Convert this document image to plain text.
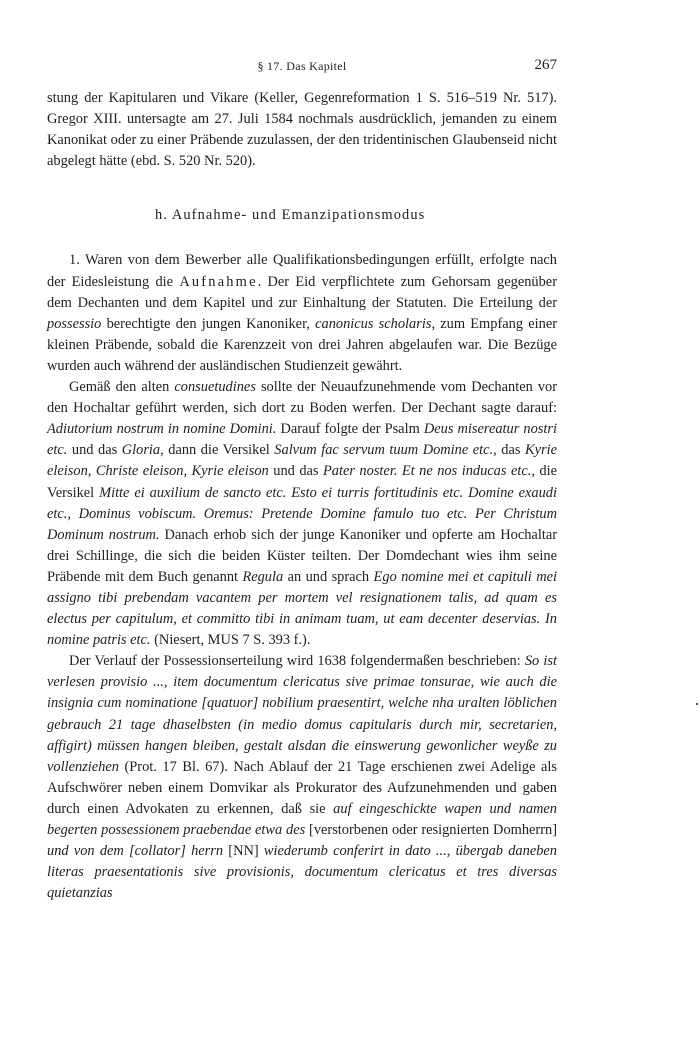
§ 17. Das Kapitel	267

stung der Kapitularen und Vikare (Keller, Gegenreformation 1 S. 516–519 Nr. 517). Gregor XIII. untersagte am 27. Juli 1584 nochmals ausdrücklich, jemanden zu einem Kanonikat oder zu einer Präbende zuzulassen, der den tridentinischen Glaubenseid nicht abgelegt hätte (ebd. S. 520 Nr. 520).

h. Aufnahme- und Emanzipationsmodus

1. Waren von dem Bewerber alle Qualifikationsbedingungen erfüllt, erfolgte nach der Eidesleistung die Aufnahme. Der Eid verpflichtete zum Gehorsam gegenüber dem Dechanten und dem Kapitel und zur Einhaltung der Statuten. Die Erteilung der possessio berechtigte den jungen Kanoniker, canonicus scholaris, zum Empfang einer kleinen Präbende, sobald die Karenzzeit von drei Jahren abgelaufen war. Die Bezüge wurden auch während der ausländischen Studienzeit gewährt.

Gemäß den alten consuetudines sollte der Neuaufzunehmende vom Dechanten vor den Hochaltar geführt werden, sich dort zu Boden werfen. Der Dechant sagte darauf: Adiutorium nostrum in nomine Domini. Darauf folgte der Psalm Deus misereatur nostri etc. und das Gloria, dann die Versikel Salvum fac servum tuum Domine etc., das Kyrie eleison, Christe eleison, Kyrie eleison und das Pater noster. Et ne nos inducas etc., die Versikel Mitte ei auxilium de sancto etc. Esto ei turris fortitudinis etc. Domine exaudi etc., Dominus vobiscum. Oremus: Pretende Domine famulo tuo etc. Per Christum Dominum nostrum. Danach erhob sich der junge Kanoniker und opferte am Hochaltar drei Schillinge, die sich die beiden Küster teilten. Der Domdechant wies ihm seine Präbende mit dem Buch genannt Regula an und sprach Ego nomine mei et capituli mei assigno tibi prebendam vacantem per mortem vel resignationem talis, ad quam es electus per capitulum, et committo tibi in animam tuam, ut eam decenter deservias. In nomine patris etc. (Niesert, MUS 7 S. 393 f.).

Der Verlauf der Possessionserteilung wird 1638 folgendermaßen beschrieben: So ist verlesen provisio ..., item documentum clericatus sive primae tonsurae, wie auch die insignia cum nominatione [quatuor] nobilium praesentirt, welche nha uralten löblichen gebrauch 21 tage dhaselbsten (in medio domus capitularis durch mir, secretarien, affigirt) müssen hangen bleiben, gestalt alsdan die einswerung gewonlicher weyße zu vollenziehen (Prot. 17 Bl. 67). Nach Ablauf der 21 Tage erschienen zwei Adelige als Aufschwörer neben einem Domvikar als Prokurator des Aufzunehmenden und gaben durch einen Advokaten zu erkennen, daß sie auf eingeschickte wapen und namen begerten possessionem praebendae etwa des [verstorbenen oder resignierten Domherrn] und von dem [collator] herrn [NN] wiederumb conferirt in dato ..., übergab daneben literas praesentationis sive provisionis, documentum clericatus et tres diversas quietanzias
